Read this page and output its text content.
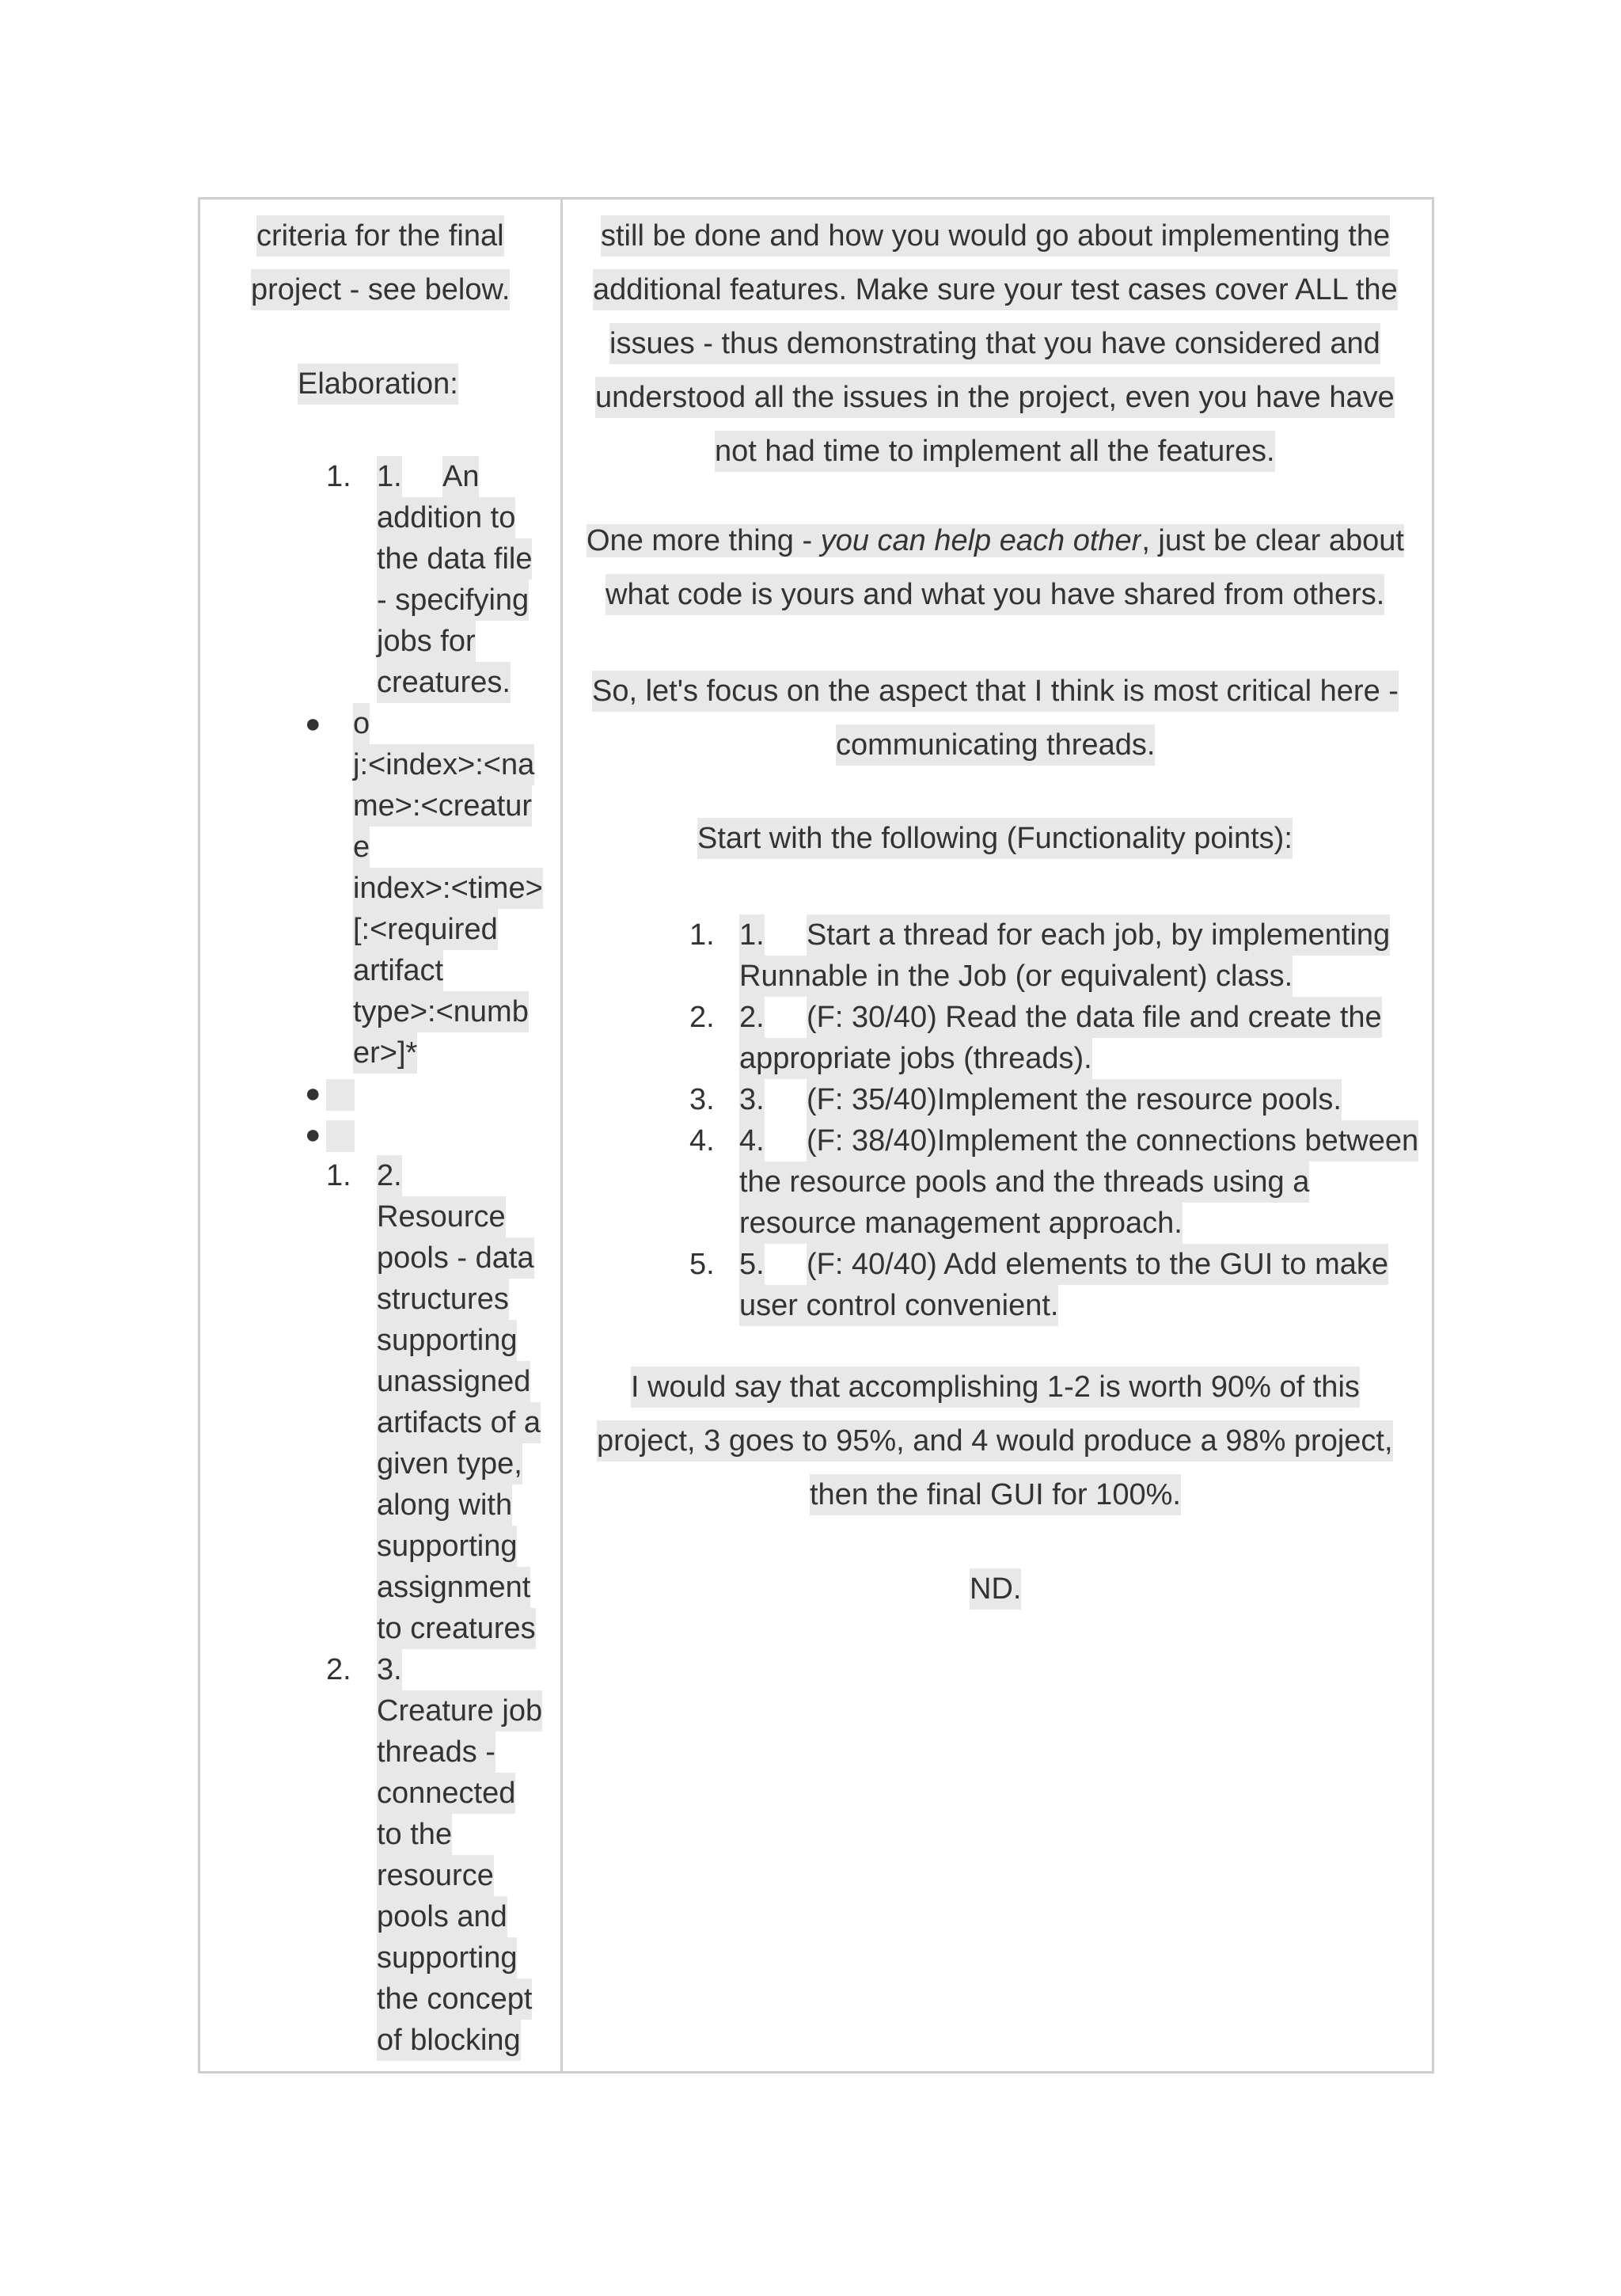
criteria for the final
project - see below.
Elaboration:
1. 1. An
addition to
the data file
- specifying
jobs for
creatures.
● o
j:<index>:<na
me>:<creatur
e
index>:<time>
[:<required
artifact
type>:<numb
er>]*
●
●
1. 2.
Resource
pools - data
structures
supporting
unassigned
artifacts of a
given type,
along with
supporting
assignment
to creatures
2. 3.
Creature job
threads -
connected
to the
resource
pools and
supporting
the concept
of blocking
still be done and how you would go about implementing the
additional features. Make sure your test cases cover ALL the
issues - thus demonstrating that you have considered and
understood all the issues in the project, even you have have
not had time to implement all the features.
One more thing - you can help each other, just be clear about
what code is yours and what you have shared from others.
So, let's focus on the aspect that I think is most critical here -
communicating threads.
Start with the following (Functionality points):
1. 1. Start a thread for each job, by implementing
Runnable in the Job (or equivalent) class.
2. 2. (F: 30/40) Read the data file and create the
appropriate jobs (threads).
3. 3. (F: 35/40)Implement the resource pools.
4. 4. (F: 38/40)Implement the connections between
the resource pools and the threads using a
resource management approach.
5. 5. (F: 40/40) Add elements to the GUI to make
user control convenient.
I would say that accomplishing 1-2 is worth 90% of this
project, 3 goes to 95%, and 4 would produce a 98% project,
then the final GUI for 100%.
ND.
